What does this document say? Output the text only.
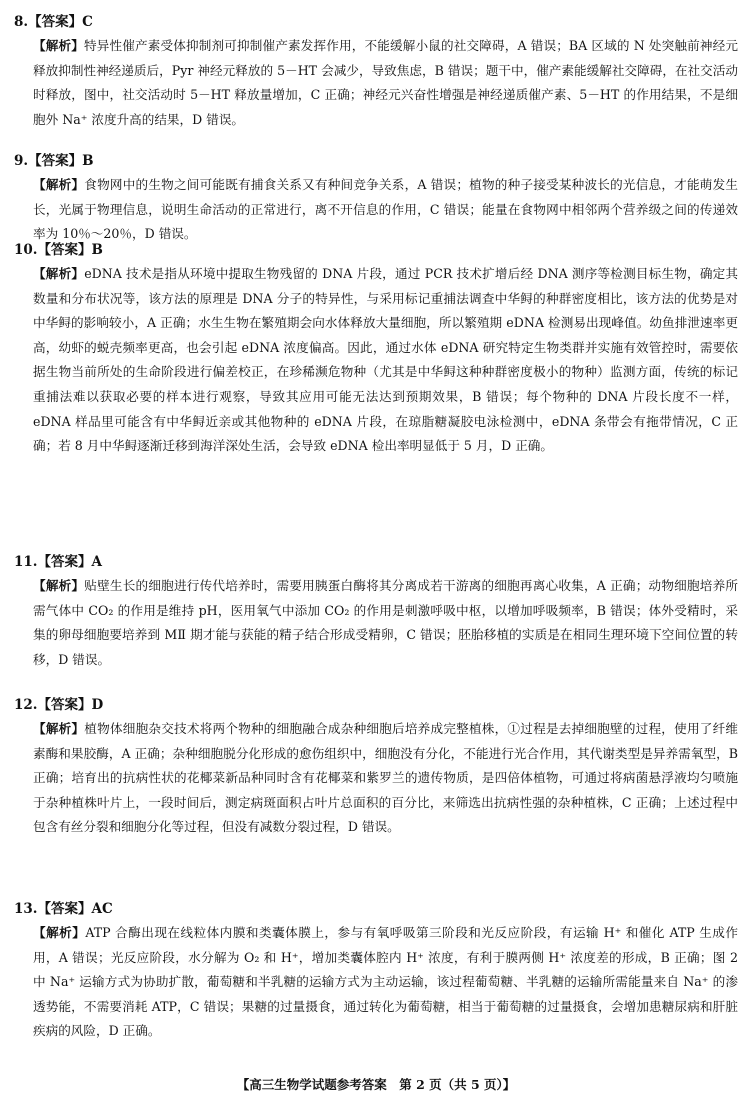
8.【答案】C

【解析】特异性催产素受体抑制剂可抑制催产素发挥作用，不能缓解小鼠的社交障碍，A 错误；BA 区域的 N 处突触前神经元释放抑制性神经递质后，Pyr 神经元释放的 5－HT 会减少，导致焦虑，B 错误；题干中，催产素能缓解社交障碍，在社交活动时释放，图中，社交活动时 5－HT 释放量增加，C 正确；神经元兴奋性增强是神经递质催产素、5－HT 的作用结果，不是细胞外 Na⁺ 浓度升高的结果，D 错误。

9.【答案】B

【解析】食物网中的生物之间可能既有捕食关系又有种间竞争关系，A 错误；植物的种子接受某种波长的光信息，才能萌发生长，光属于物理信息，说明生命活动的正常进行，离不开信息的作用，C 错误；能量在食物网中相邻两个营养级之间的传递效率为 10％～20％，D 错误。

10.【答案】B

【解析】eDNA 技术是指从环境中提取生物残留的 DNA 片段，通过 PCR 技术扩增后经 DNA 测序等检测目标生物，确定其数量和分布状况等，该方法的原理是 DNA 分子的特异性，与采用标记重捕法调查中华鲟的种群密度相比，该方法的优势是对中华鲟的影响较小，A 正确；水生生物在繁殖期会向水体释放大量细胞，所以繁殖期 eDNA 检测易出现峰值。幼鱼排泄速率更高，幼虾的蜕壳频率更高，也会引起 eDNA 浓度偏高。因此，通过水体 eDNA 研究特定生物类群并实施有效管控时，需要依据生物当前所处的生命阶段进行偏差校正，在珍稀濒危物种（尤其是中华鲟这种种群密度极小的物种）监测方面，传统的标记重捕法难以获取必要的样本进行观察，导致其应用可能无法达到预期效果，B 错误；每个物种的 DNA 片段长度不一样，eDNA 样品里可能含有中华鲟近亲或其他物种的 eDNA 片段，在琼脂糖凝胶电泳检测中，eDNA 条带会有拖带情况，C 正确；若 8 月中华鲟逐渐迁移到海洋深处生活，会导致 eDNA 检出率明显低于 5 月，D 正确。

11.【答案】A

【解析】贴壁生长的细胞进行传代培养时，需要用胰蛋白酶将其分离成若干游离的细胞再离心收集，A 正确；动物细胞培养所需气体中 CO₂ 的作用是维持 pH，医用氧气中添加 CO₂ 的作用是刺激呼吸中枢，以增加呼吸频率，B 错误；体外受精时，采集的卵母细胞要培养到 MⅡ 期才能与获能的精子结合形成受精卵，C 错误；胚胎移植的实质是在相同生理环境下空间位置的转移，D 错误。

12.【答案】D

【解析】植物体细胞杂交技术将两个物种的细胞融合成杂种细胞后培养成完整植株，①过程是去掉细胞壁的过程，使用了纤维素酶和果胶酶，A 正确；杂种细胞脱分化形成的愈伤组织中，细胞没有分化，不能进行光合作用，其代谢类型是异养需氧型，B 正确；培育出的抗病性状的花椰菜新品种同时含有花椰菜和紫罗兰的遗传物质，是四倍体植物，可通过将病菌悬浮液均匀喷施于杂种植株叶片上，一段时间后，测定病斑面积占叶片总面积的百分比，来筛选出抗病性强的杂种植株，C 正确；上述过程中包含有丝分裂和细胞分化等过程，但没有减数分裂过程，D 错误。

13.【答案】AC

【解析】ATP 合酶出现在线粒体内膜和类囊体膜上，参与有氧呼吸第三阶段和光反应阶段，有运输 H⁺ 和催化 ATP 生成作用，A 错误；光反应阶段，水分解为 O₂ 和 H⁺，增加类囊体腔内 H⁺ 浓度，有利于膜两侧 H⁺ 浓度差的形成，B 正确；图 2 中 Na⁺ 运输方式为协助扩散，葡萄糖和半乳糖的运输方式为主动运输，该过程葡萄糖、半乳糖的运输所需能量来自 Na⁺ 的渗透势能，不需要消耗 ATP，C 错误；果糖的过量摄食，通过转化为葡萄糖，相当于葡萄糖的过量摄食，会增加患糖尿病和肝脏疾病的风险，D 正确。

【高三生物学试题参考答案　第 2 页（共 5 页）】
